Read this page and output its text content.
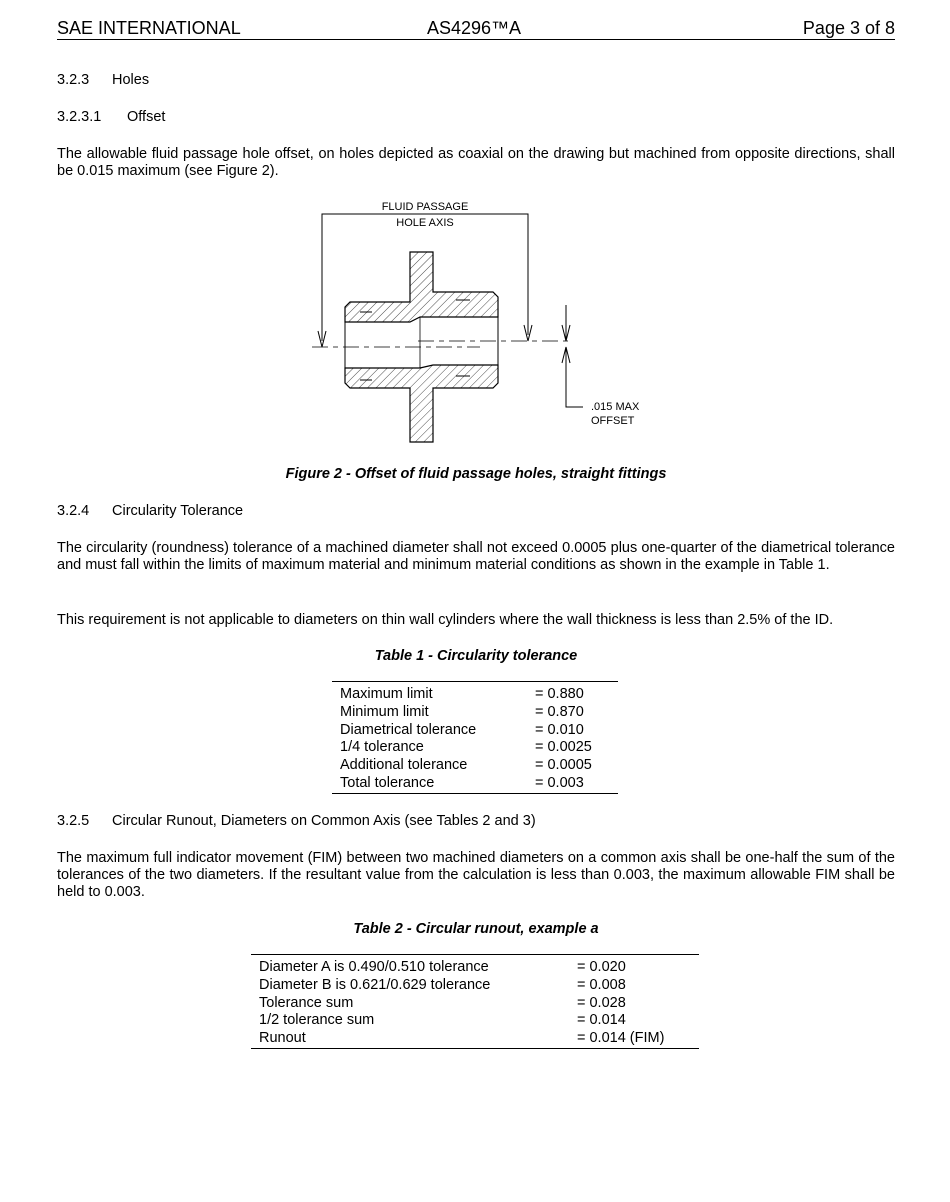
SAE INTERNATIONAL	AS4296™A	Page 3 of 8

3.2.3 Holes

3.2.3.1 Offset

The allowable fluid passage hole offset, on holes depicted as coaxial on the drawing but machined from opposite directions, shall be 0.015 maximum (see Figure 2).

FLUID PASSAGE
HOLE AXIS
.015 MAX
OFFSET

Figure 2 - Offset of fluid passage holes, straight fittings

3.2.4 Circularity Tolerance

The circularity (roundness) tolerance of a machined diameter shall not exceed 0.0005 plus one-quarter of the diametrical tolerance and must fall within the limits of maximum material and minimum material conditions as shown in the example in Table 1.

This requirement is not applicable to diameters on thin wall cylinders where the wall thickness is less than 2.5% of the ID.

Table 1 - Circularity tolerance

Maximum limit	= 0.880
Minimum limit	= 0.870
Diametrical tolerance	= 0.010
1/4 tolerance	= 0.0025
Additional tolerance	= 0.0005
Total tolerance	= 0.003

3.2.5 Circular Runout, Diameters on Common Axis (see Tables 2 and 3)

The maximum full indicator movement (FIM) between two machined diameters on a common axis shall be one-half the sum of the tolerances of the two diameters. If the resultant value from the calculation is less than 0.003, the maximum allowable FIM shall be held to 0.003.

Table 2 - Circular runout, example a

Diameter A is 0.490/0.510 tolerance	= 0.020
Diameter B is 0.621/0.629 tolerance	= 0.008
Tolerance sum	= 0.028
1/2 tolerance sum	= 0.014
Runout	= 0.014 (FIM)
